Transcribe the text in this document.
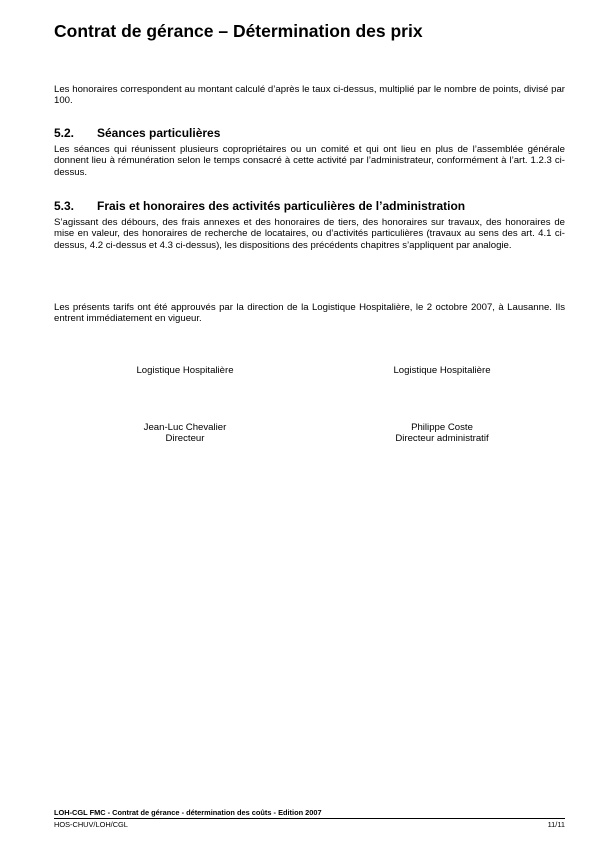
Contrat de gérance – Détermination des prix

Les honoraires correspondent au montant calculé d’après le taux ci-dessus, multiplié par le nombre de points, divisé par 100.

5.2. Séances particulières

Les séances qui réunissent plusieurs copropriétaires ou un comité et qui ont lieu en plus de l’assemblée générale donnent lieu à rémunération selon le temps consacré à cette activité par l’administrateur, conformément à l’art. 1.2.3 ci-dessus.

5.3. Frais et honoraires des activités particulières de l’administration

S’agissant des débours, des frais annexes et des honoraires de tiers, des honoraires sur travaux, des honoraires de mise en valeur, des honoraires de recherche de locataires, ou d’activités particulières (travaux au sens des art. 4.1 ci-dessus, 4.2 ci-dessus et 4.3 ci-dessus), les dispositions des précédents chapitres s’appliquent par analogie.

Les présents tarifs ont été approuvés par la direction de la Logistique Hospitalière, le 2 octobre 2007, à Lausanne. Ils entrent immédiatement en vigueur.

Logistique Hospitalière	Logistique Hospitalière
Jean-Luc Chevalier
Directeur
Philippe Coste
Directeur administratif
LOH-CGL FMC - Contrat de gérance - détermination des coûts - Edition 2007
HOS-CHUV/LOH/CGL	11/11
